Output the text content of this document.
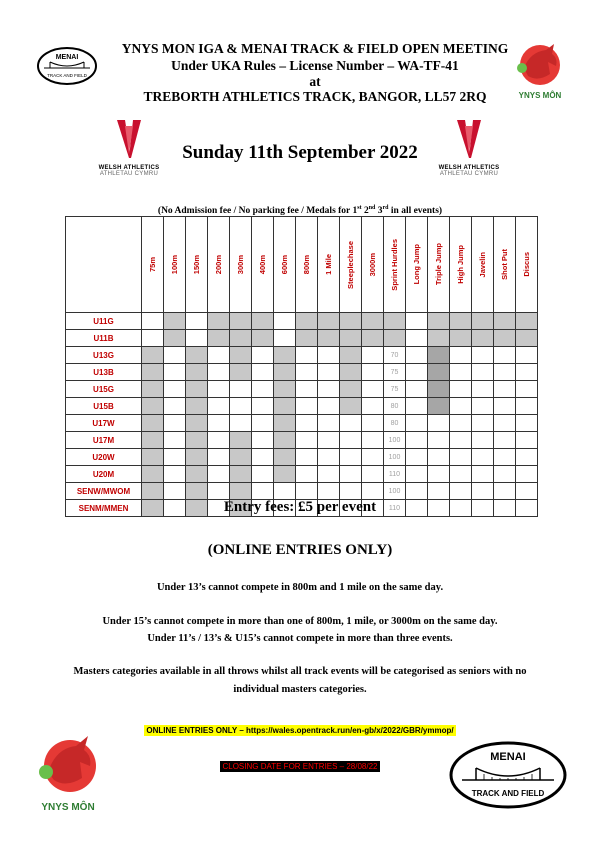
YNYS MON IGA & MENAI TRACK & FIELD OPEN MEETING
Under UKA Rules – License Number – WA-TF-41
at
TREBORTH ATHLETICS TRACK, BANGOR, LL57 2RQ
MENAI
TRACK AND FIELD
YNYS MÔN
WELSH ATHLETICS
ATHLETAU CYMRU
WELSH ATHLETICS
ATHLETAU CYMRU
Sunday 11th September 2022
(No Admission fee / No parking fee / Medals for 1st 2nd 3rd in all events)

	75m	100m	150m	200m	300m	400m	600m	800m	1 Mile	Steeplechase	3000m	Sprint Hurdles	Long Jump	Triple Jump	High Jump	Javelin	Shot Put	Discus

U11G																		
U11B																		
U13G												70						
U13B												75						
U15G												75						
U15B												80						
U17W												80						
U17M												100						
U20W												100						
U20M												110						
SENW/MWOM												100						
SENM/MMEN												110						
Entry fees: £5 per event
(ONLINE ENTRIES ONLY)
Under 13’s cannot compete in 800m and 1 mile on the same day.
Under 15’s cannot compete in more than one of 800m, 1 mile, or 3000m on the same day.
Under 11’s / 13’s & U15’s cannot compete in more than three events.
Masters categories available in all throws whilst all track events will be categorised as seniors with no
individual masters categories.
ONLINE ENTRIES ONLY – https://wales.opentrack.run/en-gb/x/2022/GBR/ymmop/
CLOSING DATE FOR ENTRIES – 28/08/22
YNYS MÔN
MENAI
TRACK AND FIELD
